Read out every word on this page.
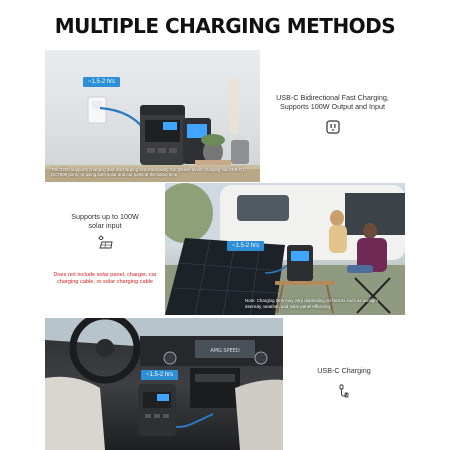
MULTIPLE CHARGING METHODS
~1.5-2 hrs
The T200 supports charging and discharging simultaneously, but please avoid charging via USB-C1, DC7909 ports, or using both solar and car ports at the same time.
USB-C Bidirectional Fast Charging, Supports 100W Output and Input
~1.5-2 hrs
Note: Charging time may vary depending on factors such as sunlight intensity, weather, and solar panel efficiency
Supports up to 100W solar input
Does not include solar panel, charger, car charging cable, or solar charging cable
AMG SPEED
~1.5-2 hrs
USB-C Charging
